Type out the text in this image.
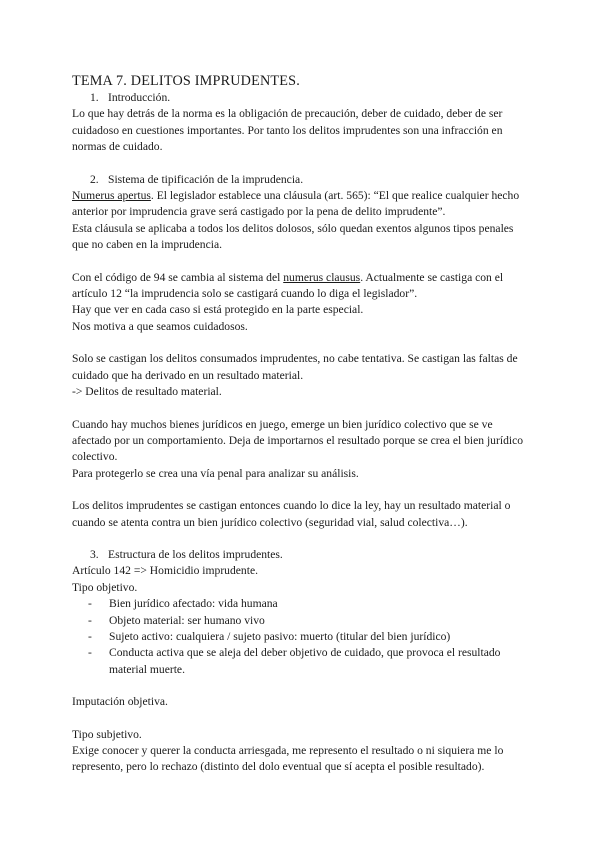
TEMA 7. DELITOS IMPRUDENTES.
1. Introducción.

Lo que hay detrás de la norma es la obligación de precaución, deber de cuidado, deber de ser cuidadoso en cuestiones importantes. Por tanto los delitos imprudentes son una infracción en normas de cuidado.

2. Sistema de tipificación de la imprudencia.

Numerus apertus. El legislador establece una cláusula (art. 565): “El que realice cualquier hecho anterior por imprudencia grave será castigado por la pena de delito imprudente”.

Esta cláusula se aplicaba a todos los delitos dolosos, sólo quedan exentos algunos tipos penales que no caben en la imprudencia.

Con el código de 94 se cambia al sistema del numerus clausus. Actualmente se castiga con el artículo 12 “la imprudencia solo se castigará cuando lo diga el legislador”.

Hay que ver en cada caso si está protegido en la parte especial.

Nos motiva a que seamos cuidadosos.

Solo se castigan los delitos consumados imprudentes, no cabe tentativa. Se castigan las faltas de cuidado que ha derivado en un resultado material.

-> Delitos de resultado material.

Cuando hay muchos bienes jurídicos en juego, emerge un bien jurídico colectivo que se ve afectado por un comportamiento. Deja de importarnos el resultado porque se crea el bien jurídico colectivo.

Para protegerlo se crea una vía penal para analizar su análisis.

Los delitos imprudentes se castigan entonces cuando lo dice la ley, hay un resultado material o cuando se atenta contra un bien jurídico colectivo (seguridad vial, salud colectiva…).

3. Estructura de los delitos imprudentes.

Artículo 142 => Homicidio imprudente.

Tipo objetivo.

- Bien jurídico afectado: vida humana
- Objeto material: ser humano vivo
- Sujeto activo: cualquiera / sujeto pasivo: muerto (titular del bien jurídico)
- Conducta activa que se aleja del deber objetivo de cuidado, que provoca el resultado material muerte.

Imputación objetiva.

Tipo subjetivo.

Exige conocer y querer la conducta arriesgada, me represento el resultado o ni siquiera me lo represento, pero lo rechazo (distinto del dolo eventual que sí acepta el posible resultado).
